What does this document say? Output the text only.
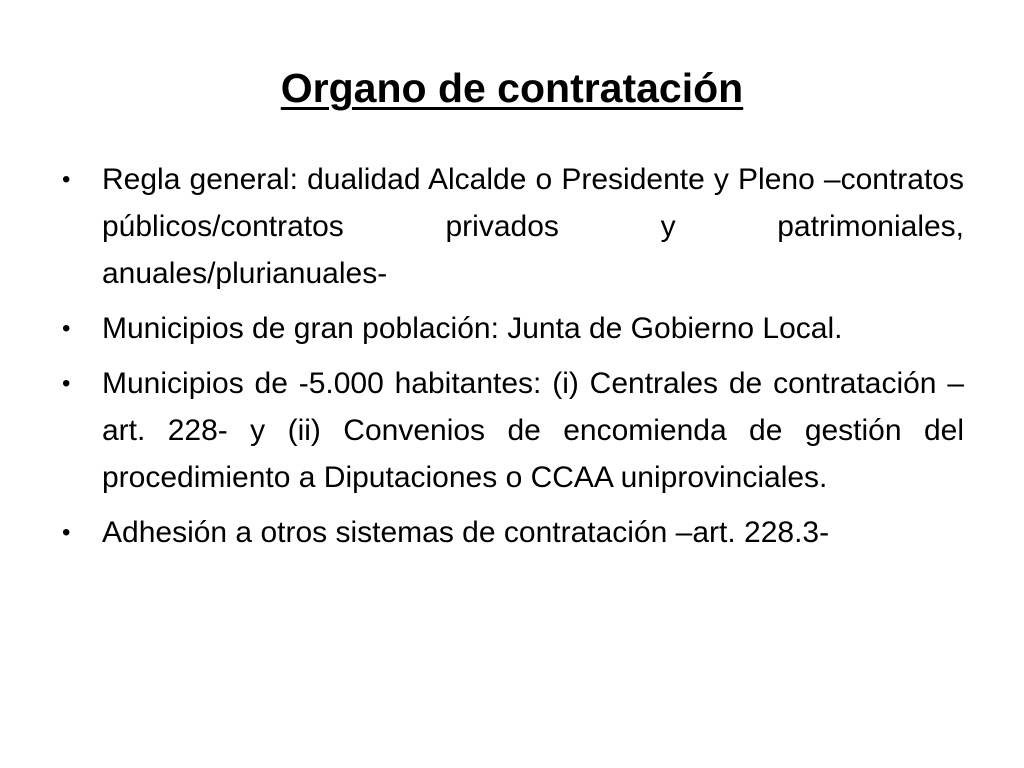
Organo de contratación
• Regla general: dualidad Alcalde o Presidente y Pleno –contratos públicos/contratos privados y patrimoniales, anuales/plurianuales-
• Municipios de gran población: Junta de Gobierno Local.
• Municipios de -5.000 habitantes: (i) Centrales de contratación –art. 228- y (ii) Convenios de encomienda de gestión del procedimiento a Diputaciones o CCAA uniprovinciales.
• Adhesión a otros sistemas de contratación –art. 228.3-
